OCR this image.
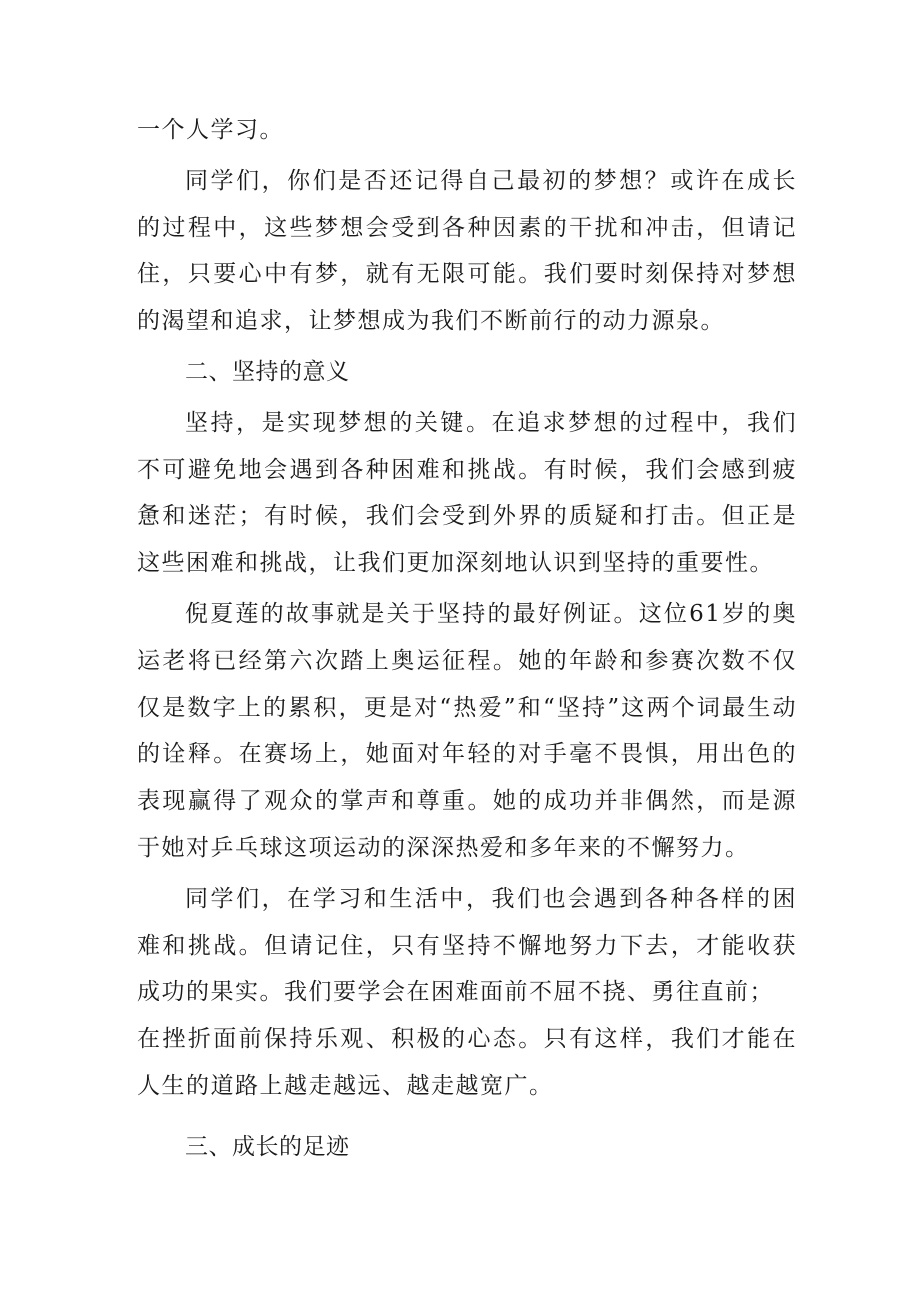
一个人学习。

同学们，你们是否还记得自己最初的梦想？或许在成长的过程中，这些梦想会受到各种因素的干扰和冲击，但请记住，只要心中有梦，就有无限可能。我们要时刻保持对梦想的渴望和追求，让梦想成为我们不断前行的动力源泉。

二、坚持的意义

坚持，是实现梦想的关键。在追求梦想的过程中，我们不可避免地会遇到各种困难和挑战。有时候，我们会感到疲惫和迷茫；有时候，我们会受到外界的质疑和打击。但正是这些困难和挑战，让我们更加深刻地认识到坚持的重要性。

倪夏莲的故事就是关于坚持的最好例证。这位61岁的奥运老将已经第六次踏上奥运征程。她的年龄和参赛次数不仅仅是数字上的累积，更是对“热爱”和“坚持”这两个词最生动的诠释。在赛场上，她面对年轻的对手毫不畏惧，用出色的表现赢得了观众的掌声和尊重。她的成功并非偶然，而是源于她对乒乓球这项运动的深深热爱和多年来的不懈努力。

同学们，在学习和生活中，我们也会遇到各种各样的困难和挑战。但请记住，只有坚持不懈地努力下去，才能收获成功的果实。我们要学会在困难面前不屈不挠、勇往直前；

在挫折面前保持乐观、积极的心态。只有这样，我们才能在人生的道路上越走越远、越走越宽广。

三、成长的足迹
